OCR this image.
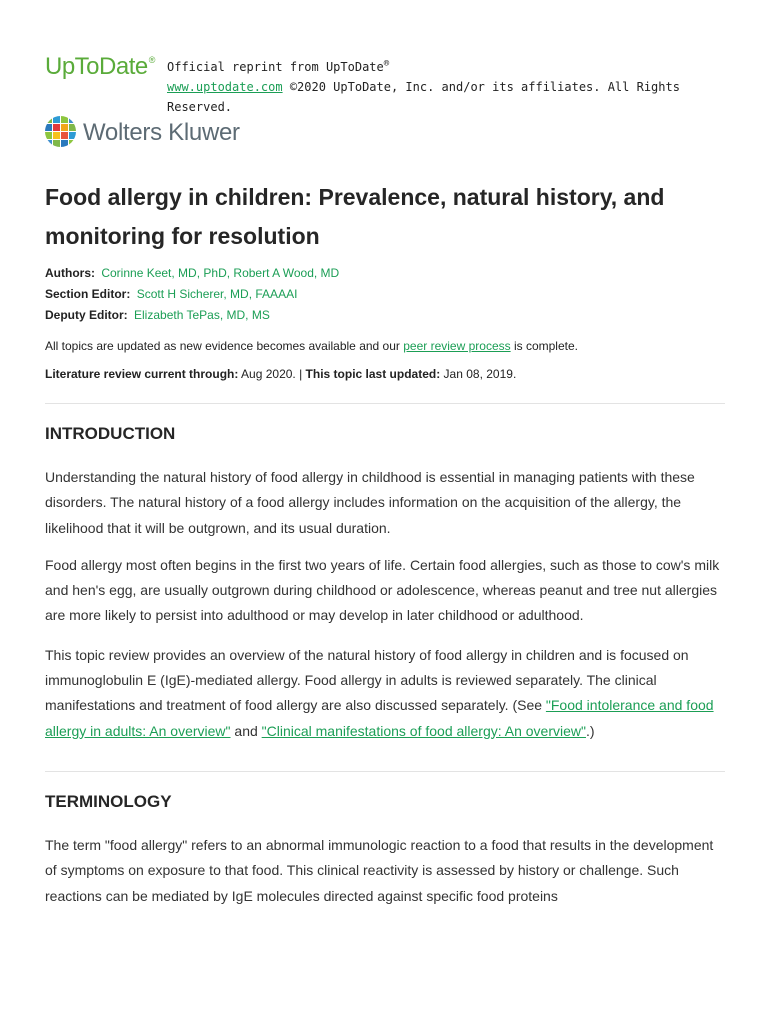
UpToDate® Official reprint from UpToDate®
www.uptodate.com ©2020 UpToDate, Inc. and/or its affiliates. All Rights Reserved.
Wolters Kluwer
Food allergy in children: Prevalence, natural history, and monitoring for resolution
Authors: Corinne Keet, MD, PhD, Robert A Wood, MD
Section Editor: Scott H Sicherer, MD, FAAAAI
Deputy Editor: Elizabeth TePas, MD, MS
All topics are updated as new evidence becomes available and our peer review process is complete.
Literature review current through: Aug 2020. | This topic last updated: Jan 08, 2019.
INTRODUCTION

Understanding the natural history of food allergy in childhood is essential in managing patients with these disorders. The natural history of a food allergy includes information on the acquisition of the allergy, the likelihood that it will be outgrown, and its usual duration.

Food allergy most often begins in the first two years of life. Certain food allergies, such as those to cow's milk and hen's egg, are usually outgrown during childhood or adolescence, whereas peanut and tree nut allergies are more likely to persist into adulthood or may develop in later childhood or adulthood.

This topic review provides an overview of the natural history of food allergy in children and is focused on immunoglobulin E (IgE)-mediated allergy. Food allergy in adults is reviewed separately. The clinical manifestations and treatment of food allergy are also discussed separately. (See "Food intolerance and food allergy in adults: An overview" and "Clinical manifestations of food allergy: An overview".)

TERMINOLOGY

The term "food allergy" refers to an abnormal immunologic reaction to a food that results in the development of symptoms on exposure to that food. This clinical reactivity is assessed by history or challenge. Such reactions can be mediated by IgE molecules directed against specific food proteins
